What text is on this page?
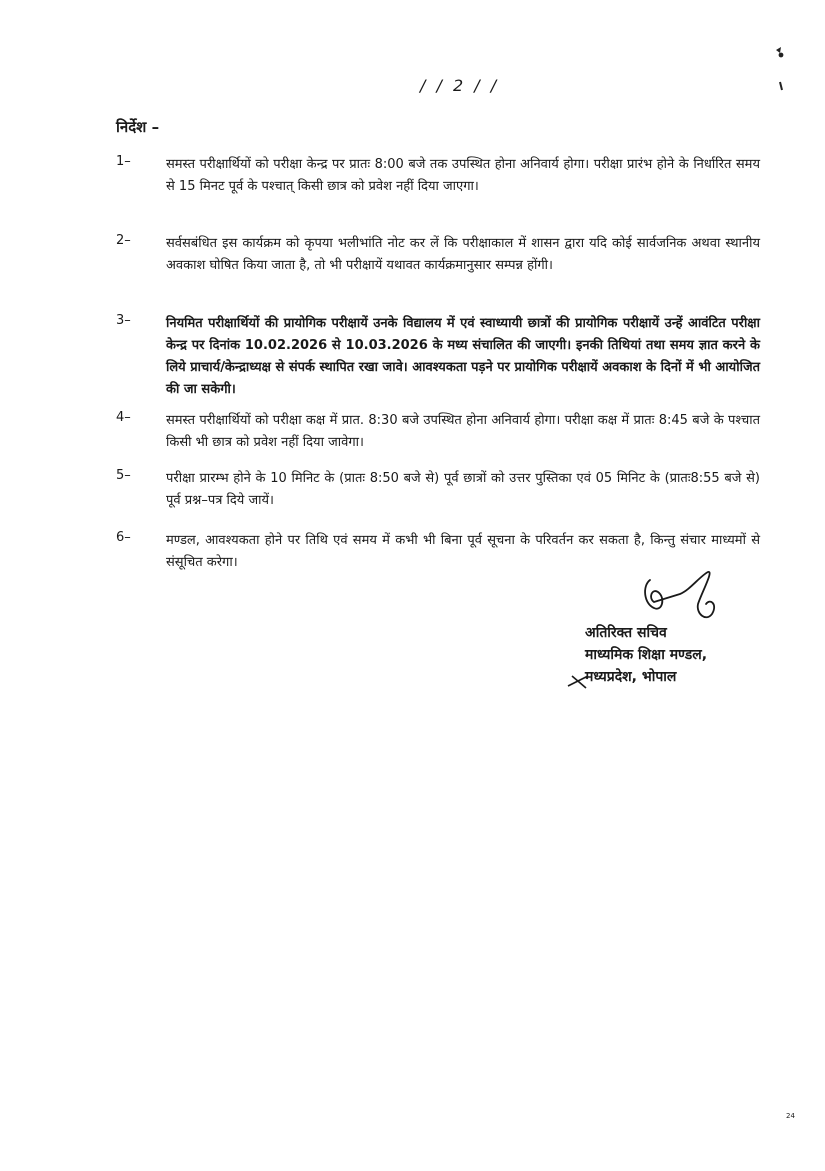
/ / 2 / /
निर्देश –
1–	समस्त परीक्षार्थियों को परीक्षा केन्द्र पर प्रातः 8:00 बजे तक उपस्थित होना अनिवार्य होगा। परीक्षा प्रारंभ होने के निर्धारित समय से 15 मिनट पूर्व के पश्चात् किसी छात्र को प्रवेश नहीं दिया जाएगा।
2–	सर्वसबंधित इस कार्यक्रम को कृपया भलीभांति नोट कर लें कि परीक्षाकाल में शासन द्वारा यदि कोई सार्वजनिक अथवा स्थानीय अवकाश घोषित किया जाता है, तो भी परीक्षायें यथावत कार्यक्रमानुसार सम्पन्न होंगी।
3–	नियमित परीक्षार्थियों की प्रायोगिक परीक्षायें उनके विद्यालय में एवं स्वाध्यायी छात्रों की प्रायोगिक परीक्षायें उन्हें आवंटित परीक्षा केन्द्र पर दिनांक 10.02.2026 से 10.03.2026 के मध्य संचालित की जाएगी। इनकी तिथियां तथा समय ज्ञात करने के लिये प्राचार्य/केन्द्राध्यक्ष से संपर्क स्थापित रखा जावे। आवश्यकता पड़ने पर प्रायोगिक परीक्षायें अवकाश के दिनों में भी आयोजित की जा सकेगी।
4–	समस्त परीक्षार्थियों को परीक्षा कक्ष में प्रात. 8:30 बजे उपस्थित होना अनिवार्य होगा। परीक्षा कक्ष में प्रातः 8:45 बजे के पश्चात किसी भी छात्र को प्रवेश नहीं दिया जावेगा।
5–	परीक्षा प्रारम्भ होने के 10 मिनिट के (प्रातः 8:50 बजे से) पूर्व छात्रों को उत्तर पुस्तिका एवं 05 मिनिट के (प्रातः8:55 बजे से) पूर्व प्रश्न–पत्र दिये जायें।
6–	मण्डल, आवश्यकता होने पर तिथि एवं समय में कभी भी बिना पूर्व सूचना के परिवर्तन कर सकता है, किन्तु संचार माध्यमों से संसूचित करेगा।
अतिरिक्त सचिव
माध्यमिक शिक्षा मण्डल,
मध्यप्रदेश, भोपाल
24
